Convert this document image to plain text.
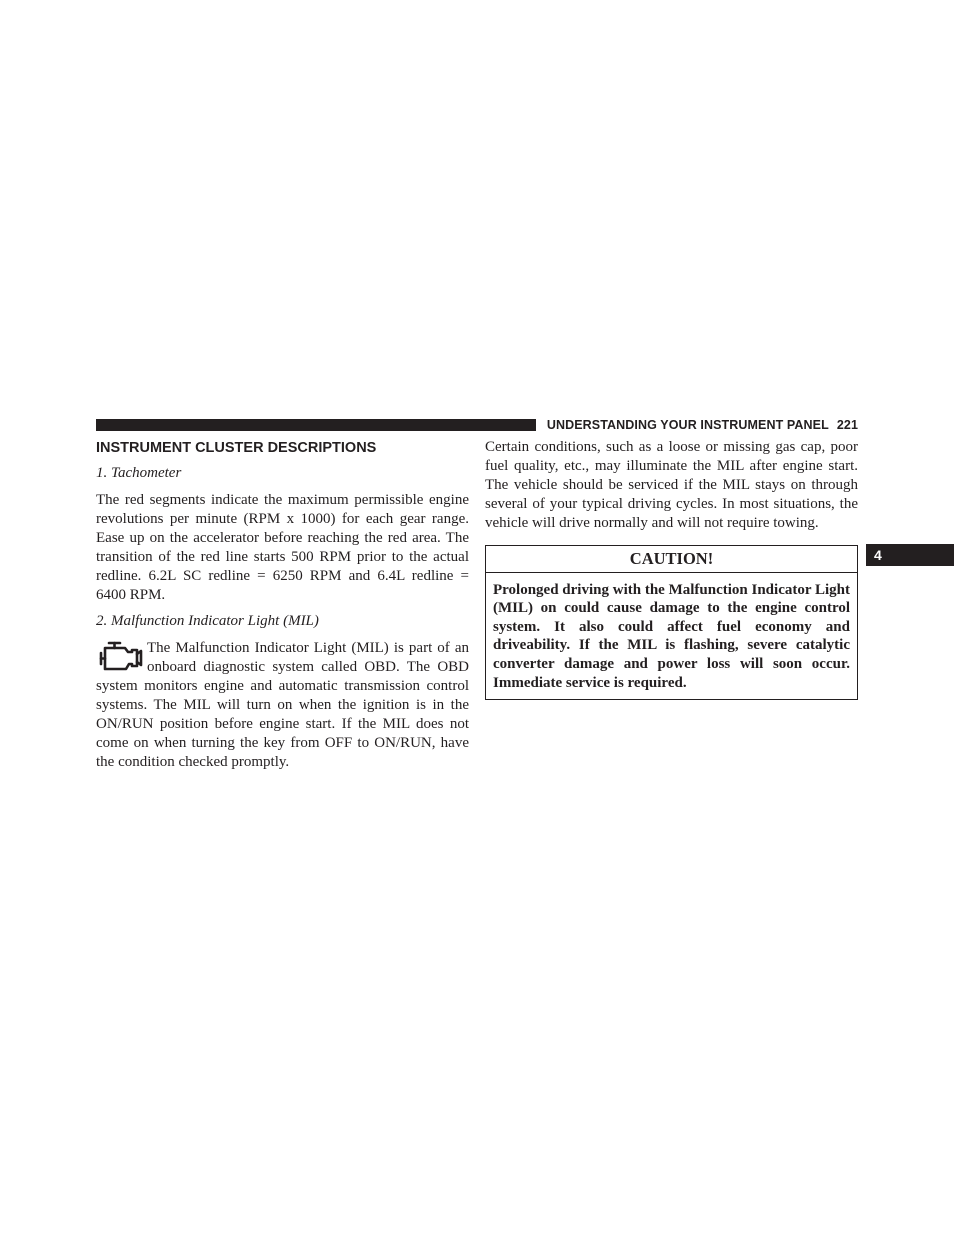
UNDERSTANDING YOUR INSTRUMENT PANEL 221
4
INSTRUMENT CLUSTER DESCRIPTIONS

1. Tachometer

The red segments indicate the maximum permissible engine revolutions per minute (RPM x 1000) for each gear range. Ease up on the accelerator before reaching the red area. The transition of the red line starts 500 RPM prior to the actual redline. 6.2L SC redline = 6250 RPM and 6.4L redline = 6400 RPM.

2. Malfunction Indicator Light (MIL)

The Malfunction Indicator Light (MIL) is part of an onboard diagnostic system called OBD. The OBD system monitors engine and automatic transmission control systems. The MIL will turn on when the ignition is in the ON/RUN position before engine start. If the MIL does not come on when turning the key from OFF to ON/RUN, have the condition checked promptly.

Certain conditions, such as a loose or missing gas cap, poor fuel quality, etc., may illuminate the MIL after engine start. The vehicle should be serviced if the MIL stays on through several of your typical driving cycles. In most situations, the vehicle will drive normally and will not require towing.

CAUTION!
Prolonged driving with the Malfunction Indicator Light (MIL) on could cause damage to the engine control system. It also could affect fuel economy and driveability. If the MIL is flashing, severe catalytic converter damage and power loss will soon occur. Immediate service is required.
